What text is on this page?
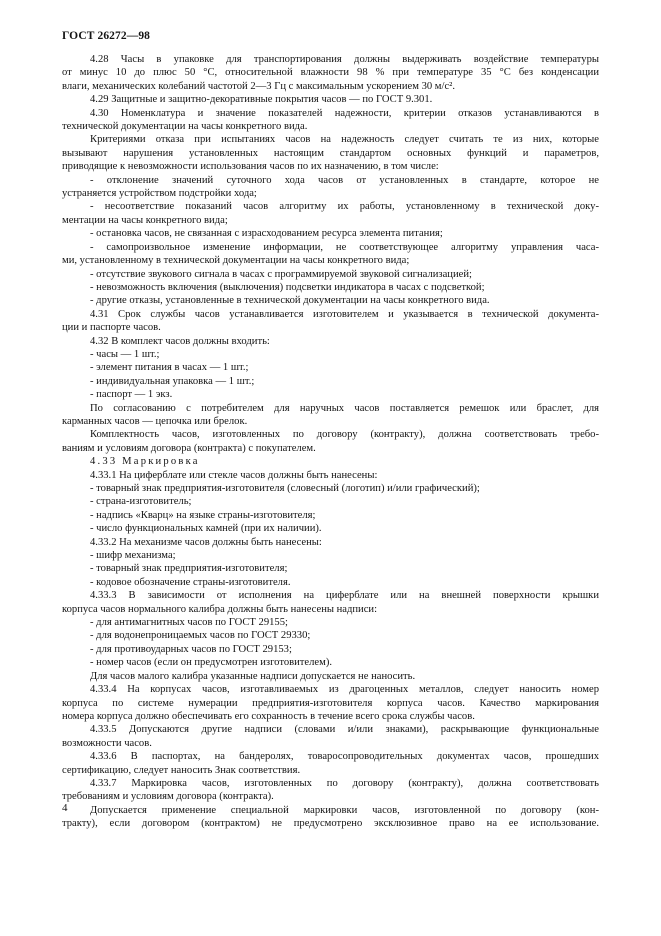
ГОСТ 26272—98
4.28 Часы в упаковке для транспортирования должны выдерживать воздействие температуры
от минус 10 до плюс 50 °С, относительной влажности 98 % при температуре 35 °С без конденсации
влаги, механических колебаний частотой 2—3 Гц с максимальным ускорением 30 м/с².
4.29 Защитные и защитно-декоративные покрытия часов — по ГОСТ 9.301.
4.30 Номенклатура и значение показателей надежности, критерии отказов устанавливаются в
технической документации на часы конкретного вида.
Критериями отказа при испытаниях часов на надежность следует считать те из них, которые
вызывают нарушения установленных настоящим стандартом основных функций и параметров,
приводящие к невозможности использования часов по их назначению, в том числе:
- отклонение значений суточного хода часов от установленных в стандарте, которое не
устраняется устройством подстройки хода;
- несоответствие показаний часов алгоритму их работы, установленному в технической доку-
ментации на часы конкретного вида;
- остановка часов, не связанная с израсходованием ресурса элемента питания;
- самопроизвольное изменение информации, не соответствующее алгоритму управления часа-
ми, установленному в технической документации на часы конкретного вида;
- отсутствие звукового сигнала в часах с программируемой звуковой сигнализацией;
- невозможность включения (выключения) подсветки индикатора в часах с подсветкой;
- другие отказы, установленные в технической документации на часы конкретного вида.
4.31 Срок службы часов устанавливается изготовителем и указывается в технической документа-
ции и паспорте часов.
4.32 В комплект часов должны входить:
- часы — 1 шт.;
- элемент питания в часах — 1 шт.;
- индивидуальная упаковка — 1 шт.;
- паспорт — 1 экз.
По согласованию с потребителем для наручных часов поставляется ремешок или браслет, для
карманных часов — цепочка или брелок.
Комплектность часов, изготовленных по договору (контракту), должна соответствовать требо-
ваниям и условиям договора (контракта) с покупателем.
4.33 Маркировка
4.33.1 На циферблате или стекле часов должны быть нанесены:
- товарный знак предприятия-изготовителя (словесный (логотип) и/или графический);
- страна-изготовитель;
- надпись «Кварц» на языке страны-изготовителя;
- число функциональных камней (при их наличии).
4.33.2 На механизме часов должны быть нанесены:
- шифр механизма;
- товарный знак предприятия-изготовителя;
- кодовое обозначение страны-изготовителя.
4.33.3 В зависимости от исполнения на циферблате или на внешней поверхности крышки
корпуса часов нормального калибра должны быть нанесены надписи:
- для антимагнитных часов по ГОСТ 29155;
- для водонепроницаемых часов по ГОСТ 29330;
- для противоударных часов по ГОСТ 29153;
- номер часов (если он предусмотрен изготовителем).
Для часов малого калибра указанные надписи допускается не наносить.
4.33.4 На корпусах часов, изготавливаемых из драгоценных металлов, следует наносить номер
корпуса по системе нумерации предприятия-изготовителя корпуса часов. Качество маркирования
номера корпуса должно обеспечивать его сохранность в течение всего срока службы часов.
4.33.5 Допускаются другие надписи (словами и/или знаками), раскрывающие функциональные
возможности часов.
4.33.6 В паспортах, на бандеролях, товаросопроводительных документах часов, прошедших
сертификацию, следует наносить Знак соответствия.
4.33.7 Маркировка часов, изготовленных по договору (контракту), должна соответствовать
требованиям и условиям договора (контракта).
Допускается применение специальной маркировки часов, изготовленной по договору (кон-
тракту), если договором (контрактом) не предусмотрено эксклюзивное право на ее использование.
4
